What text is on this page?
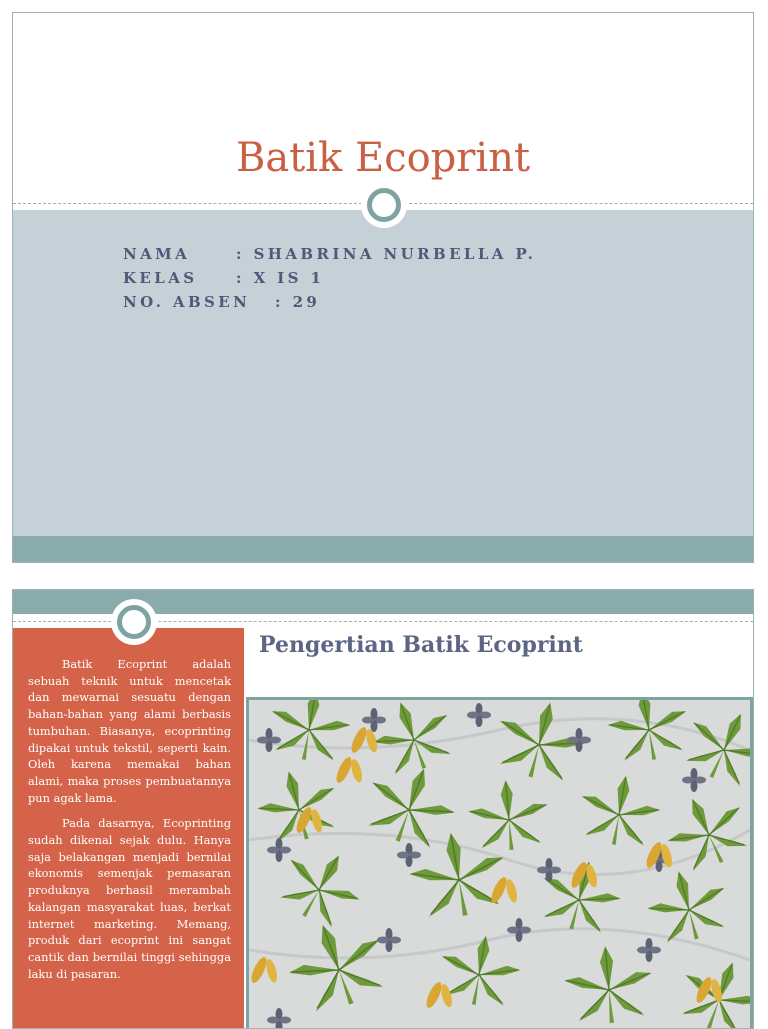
Batik Ecoprint
NAMA	: SHABRINA NURBELLA P.
KELAS	: X IS 1
NO. ABSEN : 29

Batik Ecoprint adalah sebuah teknik untuk mencetak dan mewarnai sesuatu dengan bahan-bahan yang alami berbasis tumbuhan. Biasanya, ecoprinting dipakai untuk tekstil, seperti kain. Oleh karena memakai bahan alami, maka proses pembuatannya pun agak lama.

Pada dasarnya, Ecoprinting sudah dikenal sejak dulu. Hanya saja belakangan menjadi bernilai ekonomis semenjak pemasaran produknya berhasil merambah kalangan masyarakat luas, berkat internet marketing. Memang, produk dari ecoprint ini sangat cantik dan bernilai tinggi sehingga laku di pasaran.

Pengertian Batik Ecoprint
